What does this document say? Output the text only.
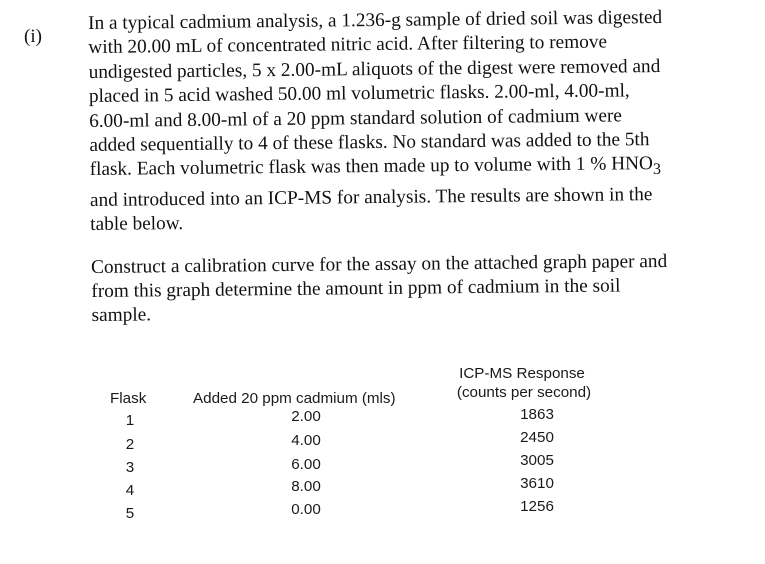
(i)
In a typical cadmium analysis, a 1.236-g sample of dried soil was digested
with 20.00 mL of concentrated nitric acid. After filtering to remove
undigested particles, 5 x 2.00-mL aliquots of the digest were removed and
placed in 5 acid washed 50.00 ml volumetric flasks. 2.00-ml, 4.00-ml,
6.00-ml and 8.00-ml of a 20 ppm standard solution of cadmium were
added sequentially to 4 of these flasks. No standard was added to the 5th
flask. Each volumetric flask was then made up to volume with 1 % $HNO_3$
and introduced into an ICP-MS for analysis. The results are shown in the
table below.
Construct a calibration curve for the assay on the attached graph paper and
from this graph determine the amount in ppm of cadmium in the soil
sample.
Flask	Added 20 ppm cadmium (mls)
ICP-MS Response
(counts per second)
1	2.00	1863
2	4.00	2450
3	6.00	3005
4	8.00	3610
5	0.00	1256
